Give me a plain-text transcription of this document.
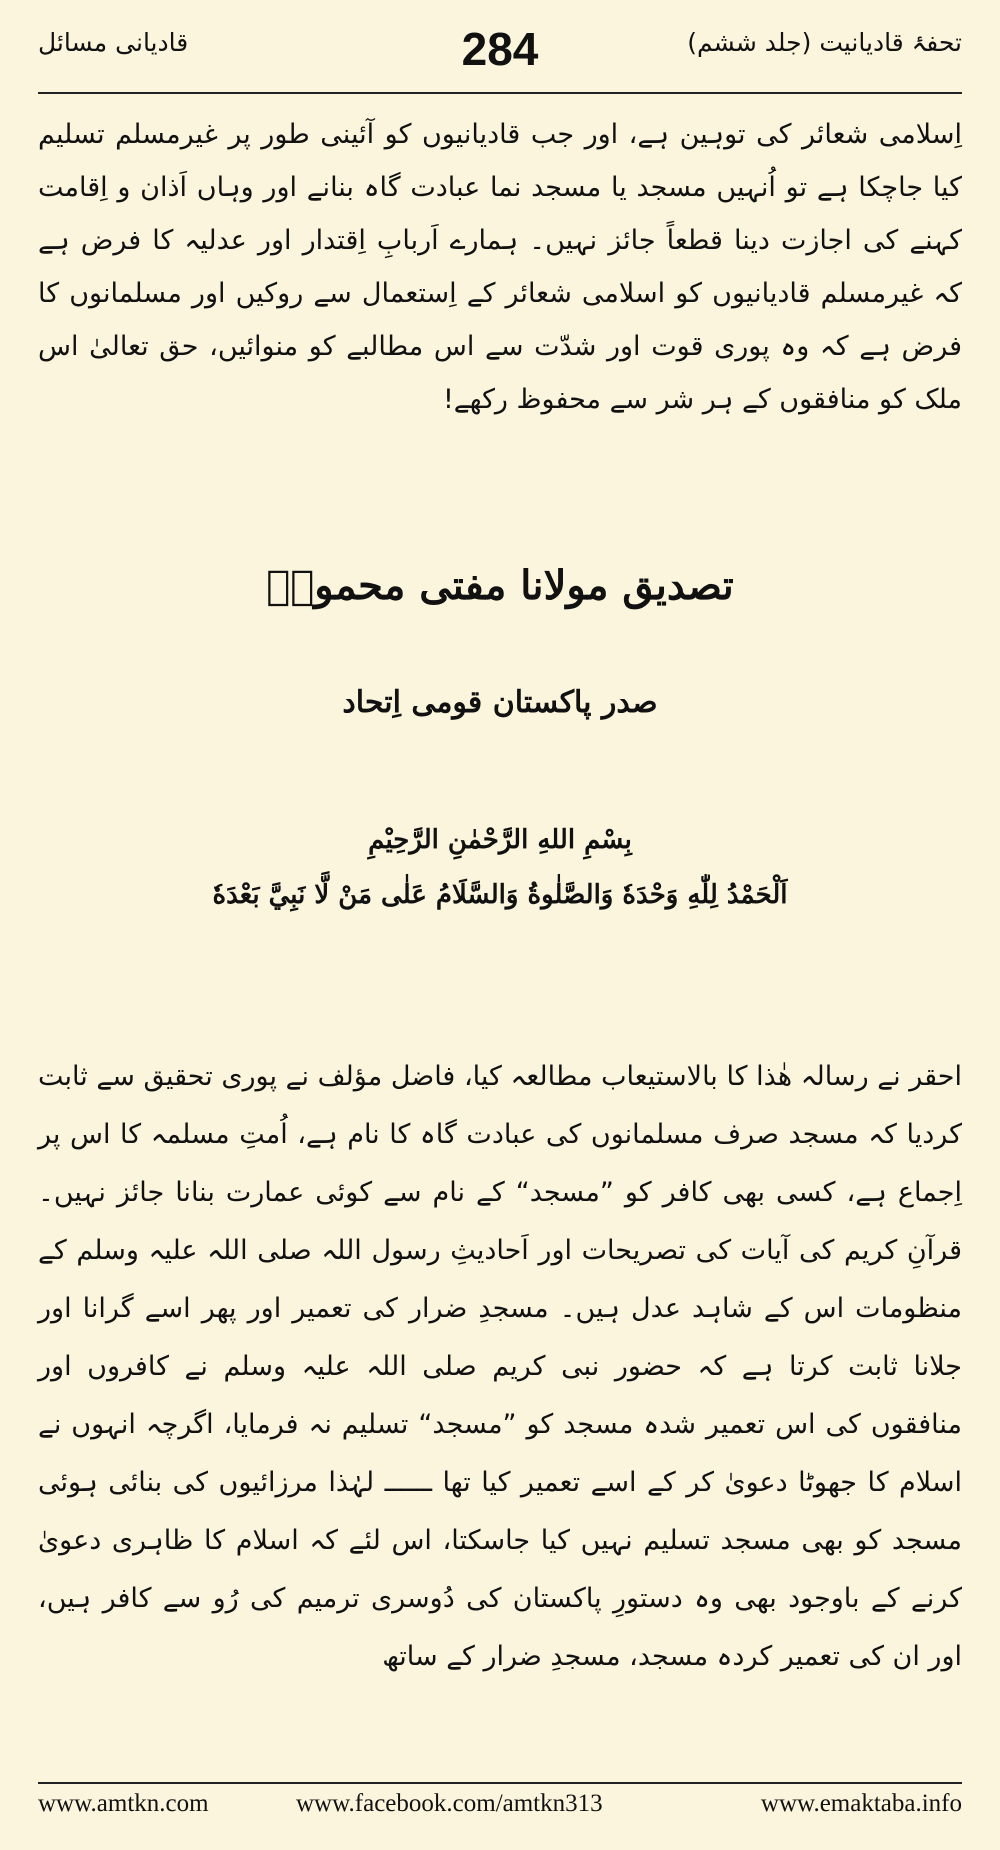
تحفۂ قادیانیت (جلد ششم)
284
قادیانی مسائل

اِسلامی شعائر کی توہین ہے، اور جب قادیانیوں کو آئینی طور پر غیرمسلم تسلیم کیا جاچکا ہے تو اُنہیں مسجد یا مسجد نما عبادت گاہ بنانے اور وہاں اَذان و اِقامت کہنے کی اجازت دینا قطعاً جائز نہیں۔ ہمارے اَربابِ اِقتدار اور عدلیہ کا فرض ہے کہ غیرمسلم قادیانیوں کو اسلامی شعائر کے اِستعمال سے روکیں اور مسلمانوں کا فرض ہے کہ وہ پوری قوت اور شدّت سے اس مطالبے کو منوائیں، حق تعالیٰ اس ملک کو منافقوں کے ہر شر سے محفوظ رکھے!

تصدیق مولانا مفتی محمودؒ
صدر پاکستان قومی اِتحاد
بِسْمِ اللهِ الرَّحْمٰنِ الرَّحِيْمِ
اَلْحَمْدُ لِلّٰهِ وَحْدَهٗ وَالصَّلٰوةُ وَالسَّلَامُ عَلٰى مَنْ لَّا نَبِيَّ بَعْدَهٗ

احقر نے رسالہ ھٰذا کا بالاستیعاب مطالعہ کیا، فاضل مؤلف نے پوری تحقیق سے ثابت کردیا کہ مسجد صرف مسلمانوں کی عبادت گاہ کا نام ہے، اُمتِ مسلمہ کا اس پر اِجماع ہے، کسی بھی کافر کو ”مسجد“ کے نام سے کوئی عمارت بنانا جائز نہیں۔ قرآنِ کریم کی آیات کی تصریحات اور اَحادیثِ رسول اللہ صلی اللہ علیہ وسلم کے منظومات اس کے شاہد عدل ہیں۔ مسجدِ ضرار کی تعمیر اور پھر اسے گرانا اور جلانا ثابت کرتا ہے کہ حضور نبی کریم صلی اللہ علیہ وسلم نے کافروں اور منافقوں کی اس تعمیر شدہ مسجد کو ”مسجد“ تسلیم نہ فرمایا، اگرچہ انہوں نے اسلام کا جھوٹا دعویٰ کر کے اسے تعمیر کیا تھا ــــــ لہٰذا مرزائیوں کی بنائی ہوئی مسجد کو بھی مسجد تسلیم نہیں کیا جاسکتا، اس لئے کہ اسلام کا ظاہری دعویٰ کرنے کے باوجود بھی وہ دستورِ پاکستان کی دُوسری ترمیم کی رُو سے کافر ہیں، اور ان کی تعمیر کردہ مسجد، مسجدِ ضرار کے ساتھ

www.amtkn.com	www.facebook.com/amtkn313	www.emaktaba.info
